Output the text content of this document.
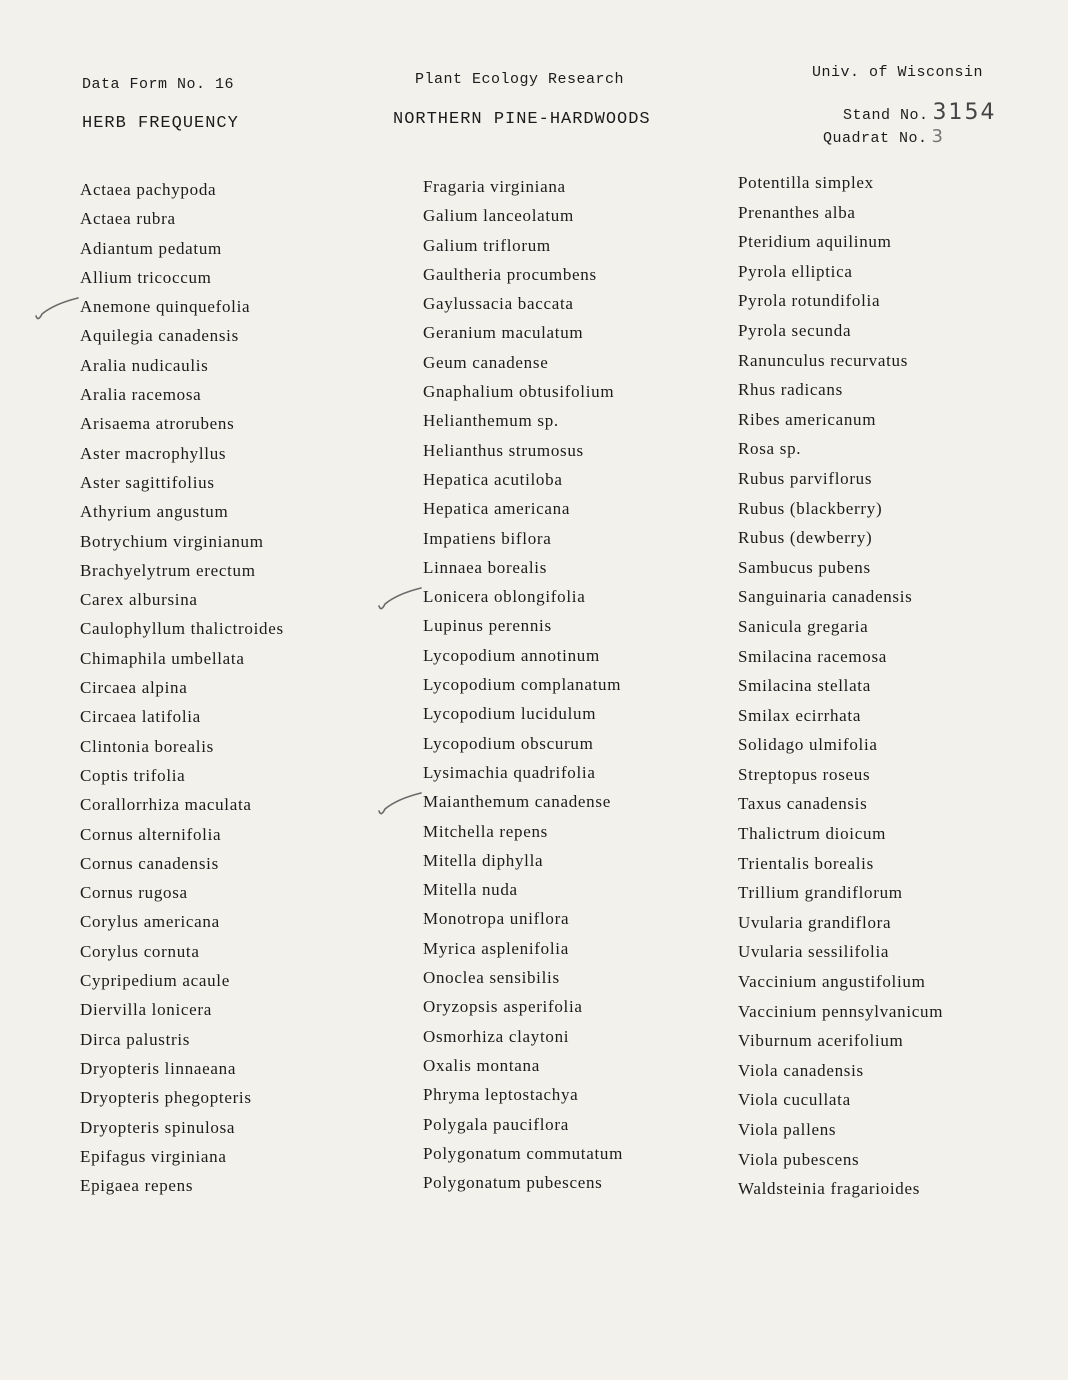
Data Form No. 16	Plant Ecology Research	Univ. of Wisconsin
HERB FREQUENCY	NORTHERN PINE-HARDWOODS	Stand No. 3154
Quadrat No. 3
Actaea pachypoda
Actaea rubra
Adiantum pedatum
Allium tricoccum
Anemone quinquefolia
Aquilegia canadensis
Aralia nudicaulis
Aralia racemosa
Arisaema atrorubens
Aster macrophyllus
Aster sagittifolius
Athyrium angustum
Botrychium virginianum
Brachyelytrum erectum
Carex albursina
Caulophyllum thalictroides
Chimaphila umbellata
Circaea alpina
Circaea latifolia
Clintonia borealis
Coptis trifolia
Corallorrhiza maculata
Cornus alternifolia
Cornus canadensis
Cornus rugosa
Corylus americana
Corylus cornuta
Cypripedium acaule
Diervilla lonicera
Dirca palustris
Dryopteris linnaeana
Dryopteris phegopteris
Dryopteris spinulosa
Epifagus virginiana
Epigaea repens
Fragaria virginiana
Galium lanceolatum
Galium triflorum
Gaultheria procumbens
Gaylussacia baccata
Geranium maculatum
Geum canadense
Gnaphalium obtusifolium
Helianthemum sp.
Helianthus strumosus
Hepatica acutiloba
Hepatica americana
Impatiens biflora
Linnaea borealis
Lonicera oblongifolia
Lupinus perennis
Lycopodium annotinum
Lycopodium complanatum
Lycopodium lucidulum
Lycopodium obscurum
Lysimachia quadrifolia
Maianthemum canadense
Mitchella repens
Mitella diphylla
Mitella nuda
Monotropa uniflora
Myrica asplenifolia
Onoclea sensibilis
Oryzopsis asperifolia
Osmorhiza claytoni
Oxalis montana
Phryma leptostachya
Polygala pauciflora
Polygonatum commutatum
Polygonatum pubescens
Potentilla simplex
Prenanthes alba
Pteridium aquilinum
Pyrola elliptica
Pyrola rotundifolia
Pyrola secunda
Ranunculus recurvatus
Rhus radicans
Ribes americanum
Rosa sp.
Rubus parviflorus
Rubus (blackberry)
Rubus (dewberry)
Sambucus pubens
Sanguinaria canadensis
Sanicula gregaria
Smilacina racemosa
Smilacina stellata
Smilax ecirrhata
Solidago ulmifolia
Streptopus roseus
Taxus canadensis
Thalictrum dioicum
Trientalis borealis
Trillium grandiflorum
Uvularia grandiflora
Uvularia sessilifolia
Vaccinium angustifolium
Vaccinium pennsylvanicum
Viburnum acerifolium
Viola canadensis
Viola cucullata
Viola pallens
Viola pubescens
Waldsteinia fragarioides
